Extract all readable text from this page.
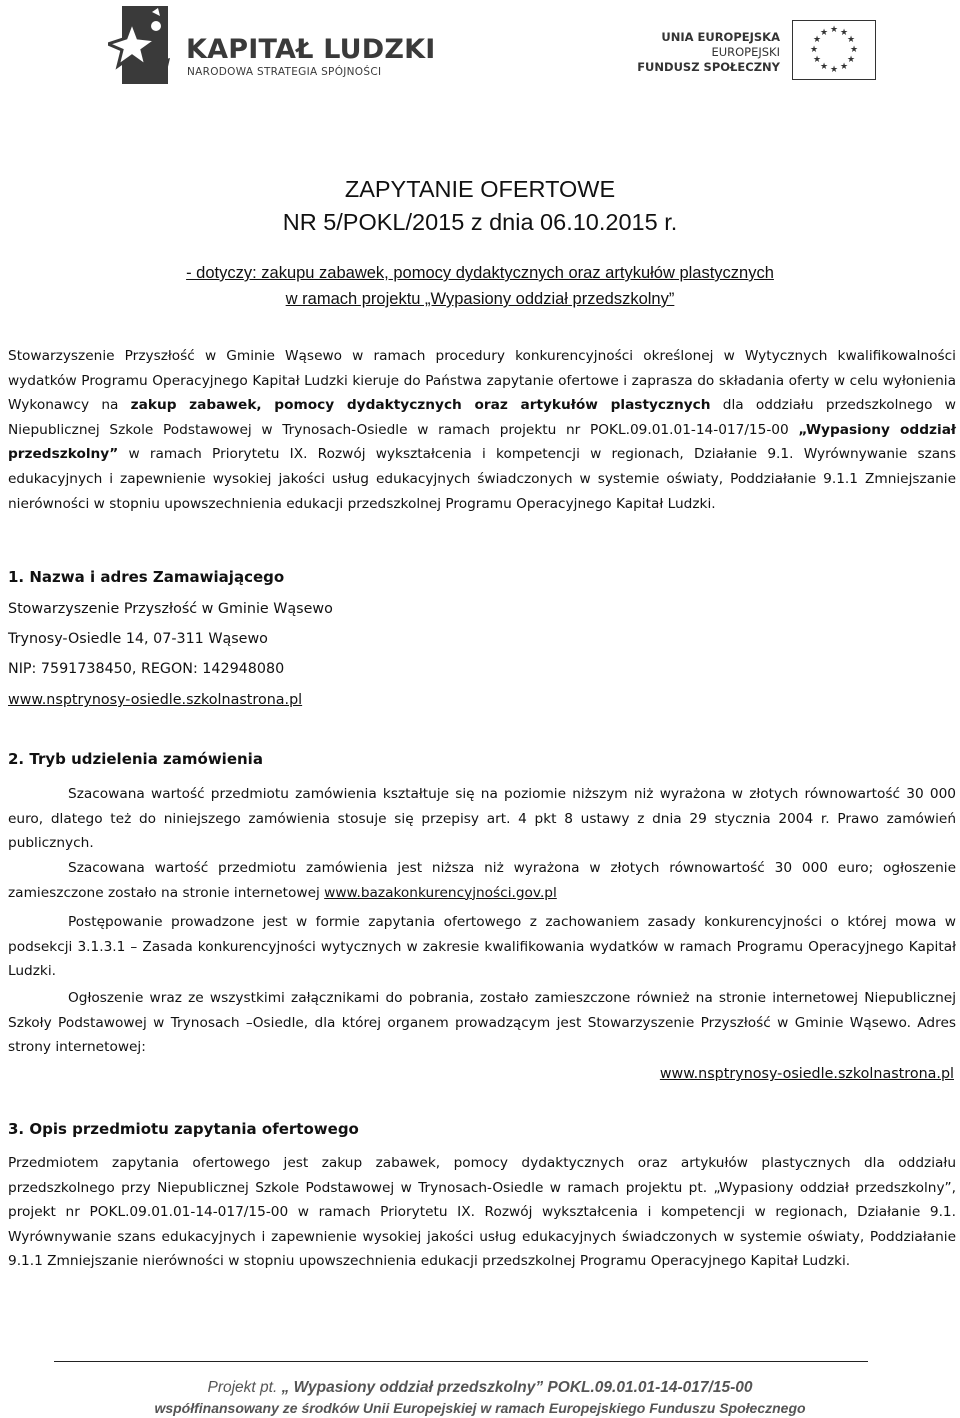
KAPITAŁ LUDZKI
NARODOWA STRATEGIA SPÓJNOŚCI
UNIA EUROPEJSKA
EUROPEJSKI
FUNDUSZ SPOŁECZNY
★ ★
★
★
★
★
★
★
★
★
★
★
ZAPYTANIE OFERTOWE
NR 5/POKL/2015 z dnia 06.10.2015 r.
- dotyczy: zakupu zabawek, pomocy dydaktycznych oraz artykułów plastycznych
w ramach projektu „Wypasiony oddział przedszkolny”
Stowarzyszenie Przyszłość w Gminie Wąsewo w ramach procedury konkurencyjności określonej w Wytycznych kwalifikowalności wydatków Programu Operacyjnego Kapitał Ludzki kieruje do Państwa zapytanie ofertowe i zaprasza do składania oferty w celu wyłonienia Wykonawcy na zakup zabawek, pomocy dydaktycznych oraz artykułów plastycznych dla oddziału przedszkolnego w Niepublicznej Szkole Podstawowej w Trynosach-Osiedle w ramach projektu nr POKL.09.01.01-14-017/15-00 „Wypasiony oddział przedszkolny” w ramach Priorytetu IX. Rozwój wykształcenia i kompetencji w regionach, Działanie 9.1. Wyrównywanie szans edukacyjnych i zapewnienie wysokiej jakości usług edukacyjnych świadczonych w systemie oświaty, Poddziałanie 9.1.1 Zmniejszanie nierówności w stopniu upowszechnienia edukacji przedszkolnej Programu Operacyjnego Kapitał Ludzki.
1. Nazwa i adres Zamawiającego
Stowarzyszenie Przyszłość w Gminie Wąsewo
Trynosy-Osiedle 14, 07-311 Wąsewo
NIP: 7591738450, REGON: 142948080
www.nsptrynosy-osiedle.szkolnastrona.pl
2. Tryb udzielenia zamówienia
Szacowana wartość przedmiotu zamówienia kształtuje się na poziomie niższym niż wyrażona w złotych równowartość 30 000 euro, dlatego też do niniejszego zamówienia stosuje się przepisy art. 4 pkt 8 ustawy z dnia 29 stycznia 2004 r. Prawo zamówień publicznych.
Szacowana wartość przedmiotu zamówienia jest niższa niż wyrażona w złotych równowartość 30 000 euro; ogłoszenie zamieszczone zostało na stronie internetowej www.bazakonkurencyjności.gov.pl
Postępowanie prowadzone jest w formie zapytania ofertowego z zachowaniem zasady konkurencyjności o której mowa w podsekcji 3.1.3.1 – Zasada konkurencyjności wytycznych w zakresie kwalifikowania wydatków w ramach Programu Operacyjnego Kapitał Ludzki.
Ogłoszenie wraz ze wszystkimi załącznikami do pobrania, zostało zamieszczone również na stronie internetowej Niepublicznej Szkoły Podstawowej w Trynosach –Osiedle, dla której organem prowadzącym jest Stowarzyszenie Przyszłość w Gminie Wąsewo. Adres strony internetowej:
www.nsptrynosy-osiedle.szkolnastrona.pl
3. Opis przedmiotu zapytania ofertowego
Przedmiotem zapytania ofertowego jest zakup zabawek, pomocy dydaktycznych oraz artykułów plastycznych dla oddziału przedszkolnego przy Niepublicznej Szkole Podstawowej w Trynosach-Osiedle w ramach projektu pt. „Wypasiony oddział przedszkolny”, projekt nr POKL.09.01.01-14-017/15-00 w ramach Priorytetu IX. Rozwój wykształcenia i kompetencji w regionach, Działanie 9.1. Wyrównywanie szans edukacyjnych i zapewnienie wysokiej jakości usług edukacyjnych świadczonych w systemie oświaty, Poddziałanie 9.1.1 Zmniejszanie nierówności w stopniu upowszechnienia edukacji przedszkolnej Programu Operacyjnego Kapitał Ludzki.
Projekt pt. „ Wypasiony oddział przedszkolny” POKL.09.01.01-14-017/15-00
współfinansowany ze środków Unii Europejskiej w ramach Europejskiego Funduszu Społecznego
